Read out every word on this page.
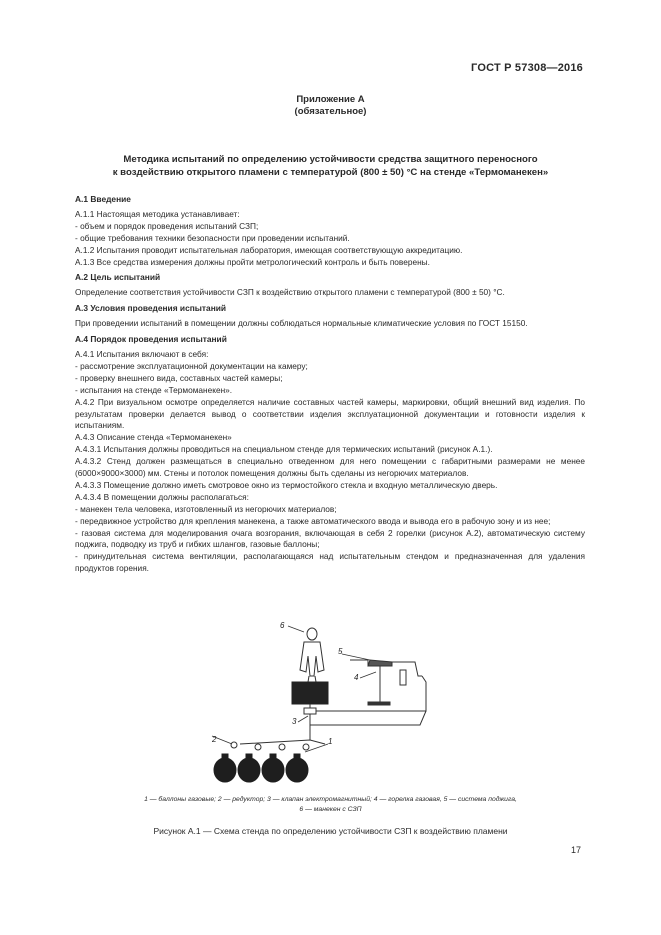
ГОСТ Р 57308—2016
Приложение А
(обязательное)
Методика испытаний по определению устойчивости средства защитного переносного
к воздействию открытого пламени с температурой (800 ± 50) °С на стенде «Термоманекен»
А.1 Введение

А.1.1 Настоящая методика устанавливает:

- объем и порядок проведения испытаний СЗП;

- общие требования техники безопасности при проведении испытаний.

А.1.2 Испытания проводит испытательная лаборатория, имеющая соответствующую аккредитацию.

А.1.3 Все средства измерения должны пройти метрологический контроль и быть поверены.

А.2 Цель испытаний

Определение соответствия устойчивости СЗП к воздействию открытого пламени с температурой (800 ± 50) °С.

А.3 Условия проведения испытаний

При проведении испытаний в помещении должны соблюдаться нормальные климатические условия по ГОСТ 15150.

А.4 Порядок проведения испытаний

А.4.1 Испытания включают в себя:

- рассмотрение эксплуатационной документации на камеру;

- проверку внешнего вида, составных частей камеры;

- испытания на стенде «Термоманекен».

А.4.2 При визуальном осмотре определяется наличие составных частей камеры, маркировки, общий внешний вид изделия. По результатам проверки делается вывод о соответствии изделия эксплуатационной документации и готовности изделия к испытаниям.

А.4.3 Описание стенда «Термоманекен»

А.4.3.1 Испытания должны проводиться на специальном стенде для термических испытаний (рисунок А.1.).

А.4.3.2 Стенд должен размещаться в специально отведенном для него помещении с габаритными размерами не менее (6000×9000×3000) мм. Стены и потолок помещения должны быть сделаны из негорючих материалов.

А.4.3.3 Помещение должно иметь смотровое окно из термостойкого стекла и входную металлическую дверь.

А.4.3.4 В помещении должны располагаться:

- манекен тела человека, изготовленный из негорючих материалов;

- передвижное устройство для крепления манекена, а также автоматического ввода и вывода его в рабочую зону и из нее;

- газовая система для моделирования очага возгорания, включающая в себя 2 горелки (рисунок А.2), автоматическую систему поджига, подводку из труб и гибких шлангов, газовые баллоны;

- принудительная система вентиляции, располагающаяся над испытательным стендом и предназначенная для удаления продуктов горения.

6
5
4
3
2	1
1 — баллоны газовые; 2 — редуктор; 3 — клапан электромагнитный; 4 — горелка газовая, 5 — система поджига,
6 — манекен с СЗП
Рисунок А.1 — Схема стенда по определению устойчивости СЗП к воздействию пламени
17
